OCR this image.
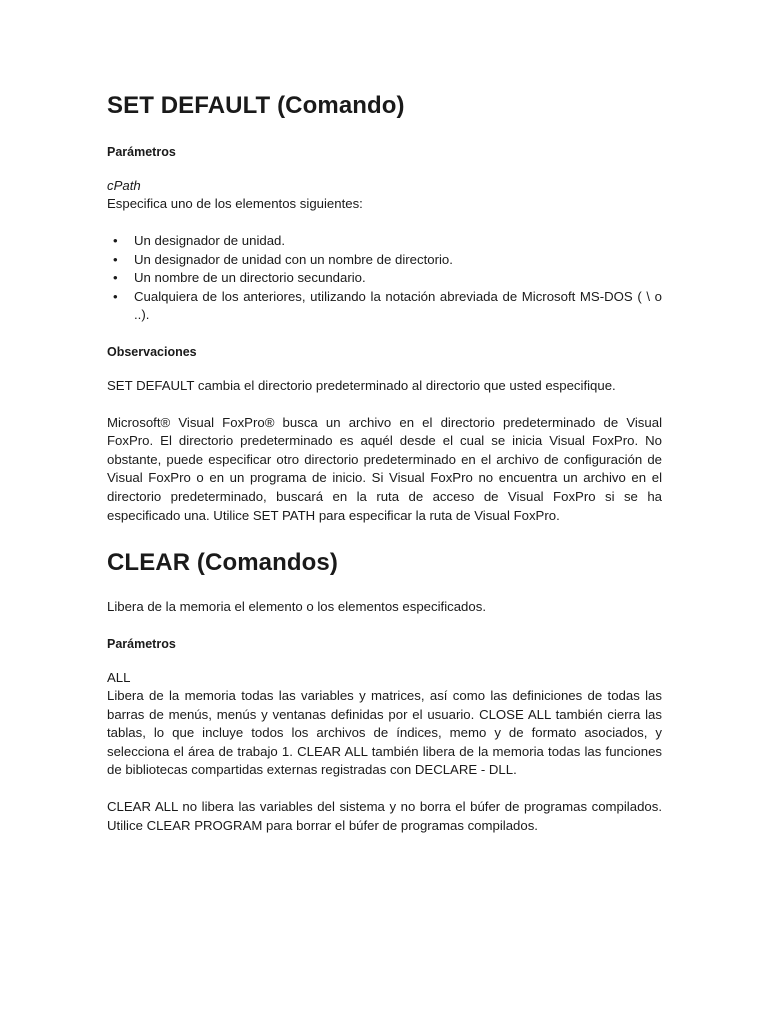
SET DEFAULT (Comando)

Parámetros

cPath

Especifica uno de los elementos siguientes:

• Un designador de unidad.
• Un designador de unidad con un nombre de directorio.
• Un nombre de un directorio secundario.
• Cualquiera de los anteriores, utilizando la notación abreviada de Microsoft MS-DOS ( \ o ..).

Observaciones

SET DEFAULT cambia el directorio predeterminado al directorio que usted especifique.

Microsoft® Visual FoxPro® busca un archivo en el directorio predeterminado de Visual FoxPro. El directorio predeterminado es aquél desde el cual se inicia Visual FoxPro. No obstante, puede especificar otro directorio predeterminado en el archivo de configuración de Visual FoxPro o en un programa de inicio. Si Visual FoxPro no encuentra un archivo en el directorio predeterminado, buscará en la ruta de acceso de Visual FoxPro si se ha especificado una. Utilice SET PATH para especificar la ruta de Visual FoxPro.

CLEAR (Comandos)

Libera de la memoria el elemento o los elementos especificados.

Parámetros

ALL

Libera de la memoria todas las variables y matrices, así como las definiciones de todas las barras de menús, menús y ventanas definidas por el usuario. CLOSE ALL también cierra las tablas, lo que incluye todos los archivos de índices, memo y de formato asociados, y selecciona el área de trabajo 1. CLEAR ALL también libera de la memoria todas las funciones de bibliotecas compartidas externas registradas con DECLARE - DLL.

CLEAR ALL no libera las variables del sistema y no borra el búfer de programas compilados. Utilice CLEAR PROGRAM para borrar el búfer de programas compilados.
